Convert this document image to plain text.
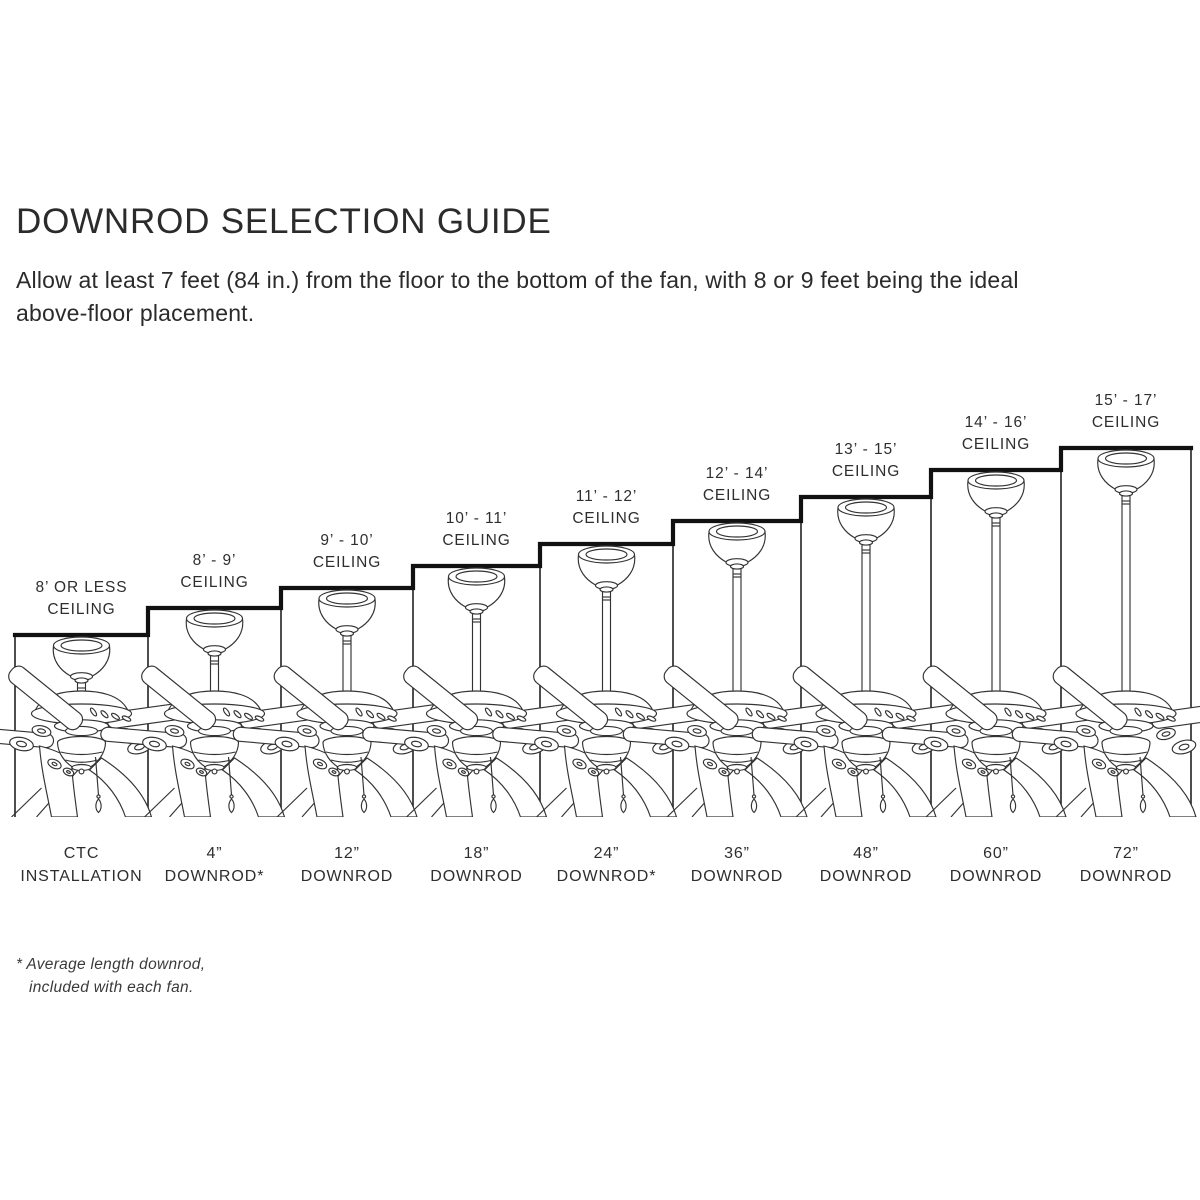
DOWNROD SELECTION GUIDE

Allow at least 7 feet (84 in.) from the floor to the bottom of the fan, with 8 or 9 feet being the ideal
above-floor placement.

8’ OR LESS
CEILING
CTC
INSTALLATION
8’ - 9’
CEILING
4”
DOWNROD*
9’ - 10’
CEILING
12”
DOWNROD
10’ - 11’
CEILING
18”
DOWNROD
11’ - 12’
CEILING
24”
DOWNROD*
12’ - 14’
CEILING
36”
DOWNROD
13’ - 15’
CEILING
48”
DOWNROD
14’ - 16’
CEILING
60”
DOWNROD
15’ - 17’
CEILING
72”
DOWNROD

* Average length downrod,
included with each fan.
